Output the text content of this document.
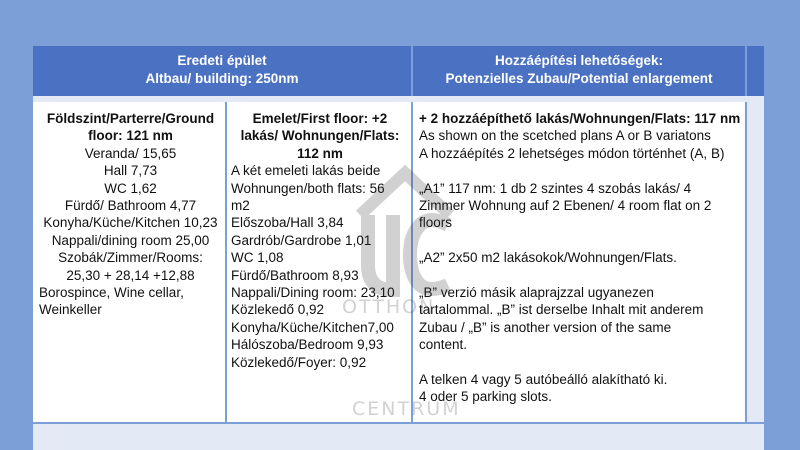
Eredeti épület
Altbau/ building: 250nm
Hozzáépítési lehetőségek:
Potenzielles Zubau/Potential enlargement
Földszint/Parterre/Ground
floor: 121 nm
Veranda/ 15,65
Hall 7,73
WC 1,62
Fürdő/ Bathroom 4,77
Konyha/Küche/Kitchen 10,23
Nappali/dining room 25,00
Szobák/Zimmer/Rooms:
25,30 + 28,14 +12,88
Borospince, Wine cellar,
Weinkeller
Emelet/First floor: +2
lakás/ Wohnungen/Flats:
112 nm
A két emeleti lakás beide
Wohnungen/both flats: 56
m2
Előszoba/Hall 3,84
Gardrób/Gardrobe 1,01
WC 1,08
Fürdő/Bathroom 8,93
Nappali/Dining room: 23,10
Közlekedő 0,92
Konyha/Küche/Kitchen7,00
Hálószoba/Bedroom 9,93
Közlekedő/Foyer: 0,92
+ 2 hozzáépíthető lakás/Wohnungen/Flats: 117 nm
As shown on the scetched plans A or B variatons
A hozzáépítés 2 lehetséges módon történhet (A, B)
„A1” 117 nm: 1 db 2 szintes 4 szobás lakás/ 4
Zimmer Wohnung auf 2 Ebenen/ 4 room flat on 2
floors
„A2” 2x50 m2 lakásokok/Wohnungen/Flats.
„B” verzió másik alaprajzzal ugyanezen
tartalommal. „B” ist derselbe Inhalt mit anderem
Zubau / „B” is another version of the same
content.
A telken 4 vagy 5 autóbeálló alakítható ki.
4 oder 5 parking slots.
OTTHON
CENTRUM
